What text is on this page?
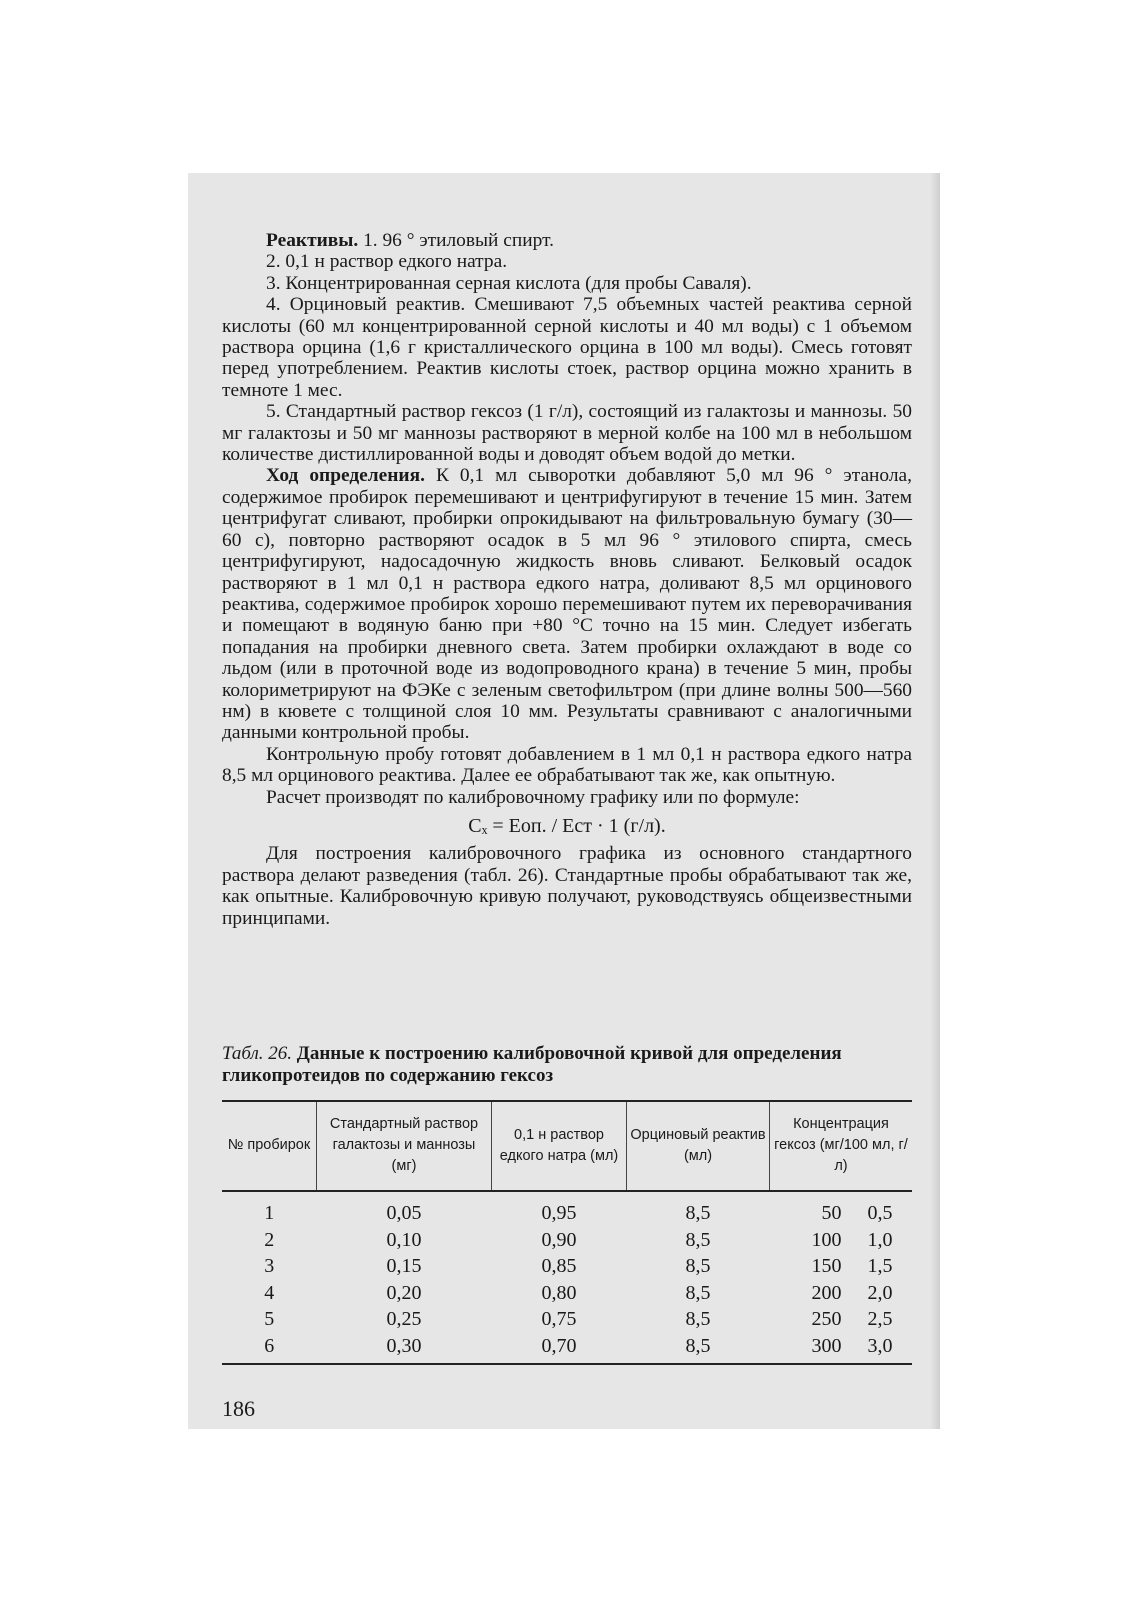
Реактивы. 1. 96 ° этиловый спирт.

2. 0,1 н раствор едкого натра.

3. Концентрированная серная кислота (для пробы Саваля).

4. Орциновый реактив. Смешивают 7,5 объемных частей реактива серной кислоты (60 мл концентрированной серной кислоты и 40 мл воды) с 1 объемом раствора орцина (1,6 г кристаллического орцина в 100 мл воды). Смесь готовят перед употреблением. Реактив кислоты стоек, раствор орцина можно хранить в темноте 1 мес.

5. Стандартный раствор гексоз (1 г/л), состоящий из галактозы и маннозы. 50 мг галактозы и 50 мг маннозы растворяют в мерной колбе на 100 мл в небольшом количестве дистиллированной воды и доводят объем водой до метки.

Ход определения. К 0,1 мл сыворотки добавляют 5,0 мл 96 ° этанола, содержимое пробирок перемешивают и центрифугируют в течение 15 мин. Затем центрифугат сливают, пробирки опрокидывают на фильтровальную бумагу (30—60 с), повторно растворяют осадок в 5 мл 96 ° этилового спирта, смесь центрифугируют, надосадочную жидкость вновь сливают. Белковый осадок растворяют в 1 мл 0,1 н раствора едкого натра, доливают 8,5 мл орцинового реактива, содержимое пробирок хорошо перемешивают путем их переворачивания и помещают в водяную баню при +80 °С точно на 15 мин. Следует избегать попадания на пробирки дневного света. Затем пробирки охлаждают в воде со льдом (или в проточной воде из водопроводного крана) в течение 5 мин, пробы колориметрируют на ФЭКе с зеленым светофильтром (при длине волны 500—560 нм) в кювете с толщиной слоя 10 мм. Результаты сравнивают с аналогичными данными контрольной пробы.

Контрольную пробу готовят добавлением в 1 мл 0,1 н раствора едкого натра 8,5 мл орцинового реактива. Далее ее обрабатывают так же, как опытную.

Расчет производят по калибровочному графику или по формуле:

Cₓ = Eоп. / Eст · 1 (г/л).

Для построения калибровочного графика из основного стандартного раствора делают разведения (табл. 26). Стандартные пробы обрабатывают так же, как опытные. Калибровочную кривую получают, руководствуясь общеизвестными принципами.

Табл. 26. Данные к построению калибровочной кривой для определения гликопротеидов по содержанию гексоз
№ пробирок	Стандартный раствор галактозы и маннозы (мг)	0,1 н раствор едкого натра (мл)	Орциновый реактив (мл)	Концентрация гексоз (мг/100 мл, г/л)	
1	0,05	0,95	8,5	50	0,5
2	0,10	0,90	8,5	100	1,0
3	0,15	0,85	8,5	150	1,5
4	0,20	0,80	8,5	200	2,0
5	0,25	0,75	8,5	250	2,5
6	0,30	0,70	8,5	300	3,0
186
